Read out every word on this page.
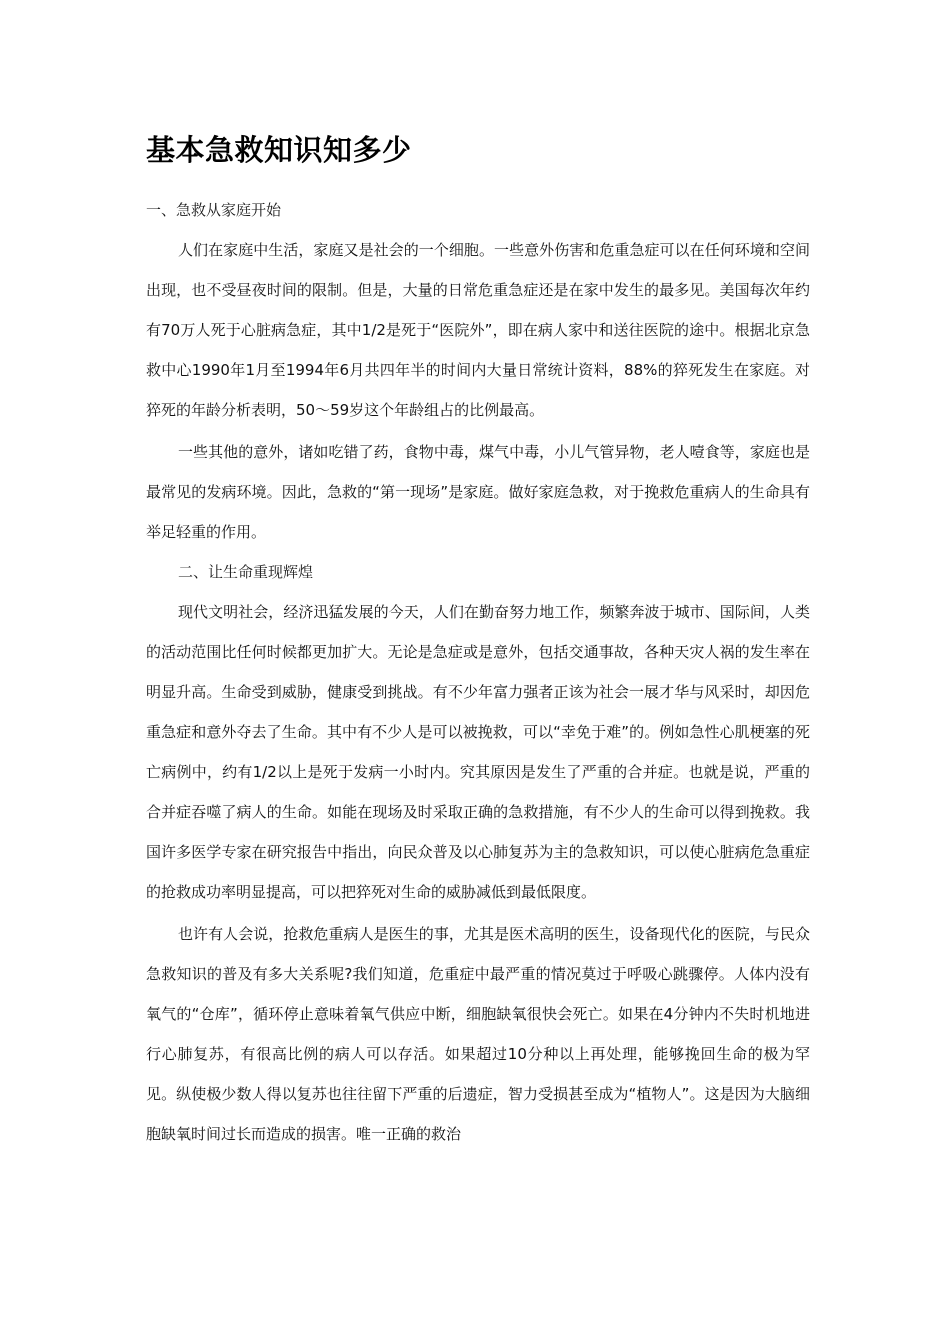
基本急救知识知多少

一、急救从家庭开始

人们在家庭中生活，家庭又是社会的一个细胞。一些意外伤害和危重急症可以在任何环境和空间出现，也不受昼夜时间的限制。但是，大量的日常危重急症还是在家中发生的最多见。美国每次年约有70万人死于心脏病急症，其中1/2是死于“医院外”，即在病人家中和送往医院的途中。根据北京急救中心1990年1月至1994年6月共四年半的时间内大量日常统计资料，88%的猝死发生在家庭。对猝死的年龄分析表明，50～59岁这个年龄组占的比例最高。

一些其他的意外，诸如吃错了药，食物中毒，煤气中毒，小儿气管异物，老人噎食等，家庭也是最常见的发病环境。因此，急救的“第一现场”是家庭。做好家庭急救，对于挽救危重病人的生命具有举足轻重的作用。

二、让生命重现辉煌

现代文明社会，经济迅猛发展的今天，人们在勤奋努力地工作，频繁奔波于城市、国际间，人类的活动范围比任何时候都更加扩大。无论是急症或是意外，包括交通事故，各种天灾人祸的发生率在明显升高。生命受到威胁，健康受到挑战。有不少年富力强者正该为社会一展才华与风采时，却因危重急症和意外夺去了生命。其中有不少人是可以被挽救，可以“幸免于难”的。例如急性心肌梗塞的死亡病例中，约有1/2以上是死于发病一小时内。究其原因是发生了严重的合并症。也就是说，严重的合并症吞噬了病人的生命。如能在现场及时采取正确的急救措施，有不少人的生命可以得到挽救。我国许多医学专家在研究报告中指出，向民众普及以心肺复苏为主的急救知识，可以使心脏病危急重症的抢救成功率明显提高，可以把猝死对生命的威胁减低到最低限度。

也许有人会说，抢救危重病人是医生的事，尤其是医术高明的医生，设备现代化的医院，与民众急救知识的普及有多大关系呢?我们知道，危重症中最严重的情况莫过于呼吸心跳骤停。人体内没有氧气的“仓库”，循环停止意味着氧气供应中断，细胞缺氧很快会死亡。如果在4分钟内不失时机地进行心肺复苏，有很高比例的病人可以存活。如果超过10分种以上再处理，能够挽回生命的极为罕见。纵使极少数人得以复苏也往往留下严重的后遗症，智力受损甚至成为“植物人”。这是因为大脑细胞缺氧时间过长而造成的损害。唯一正确的救治
